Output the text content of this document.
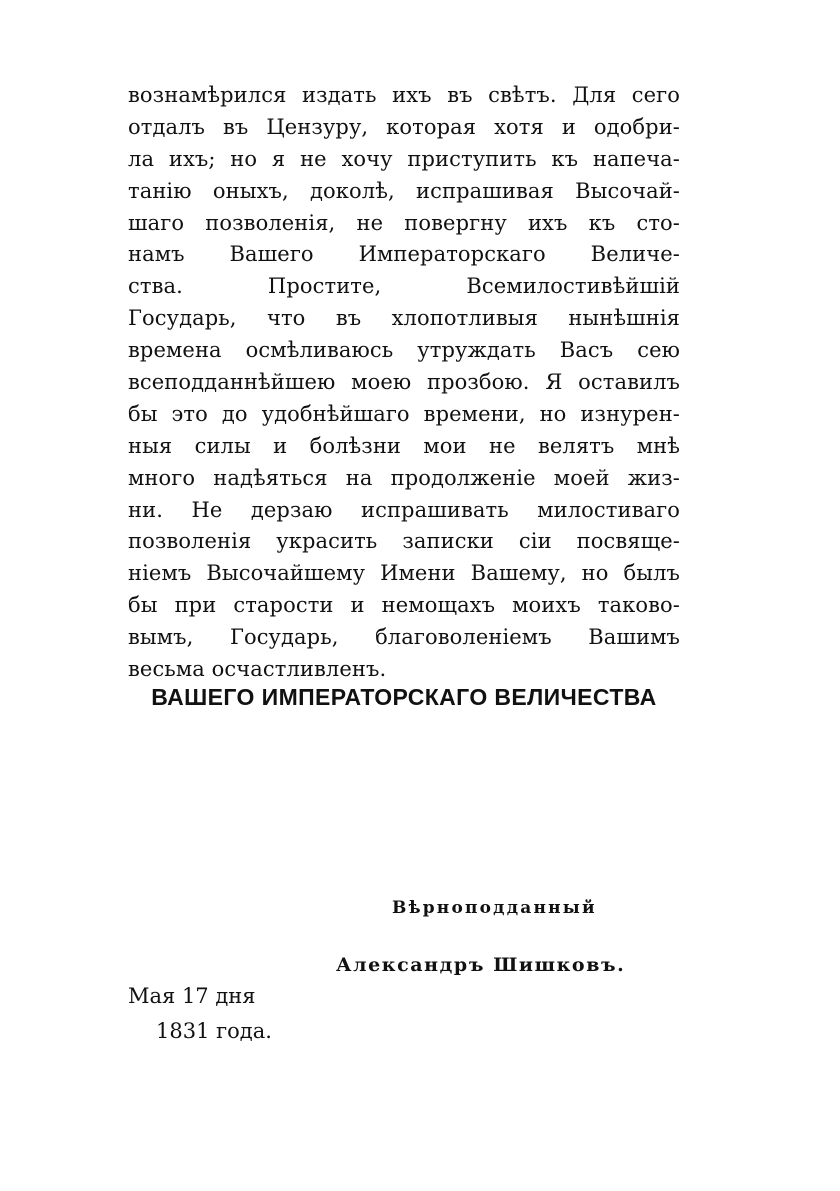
вознамѣрился издать ихъ въ свѣтъ. Для сего
отдалъ въ Цензуру, которая хотя и одобри-
ла ихъ; но я не хочу приступить къ напеча-
танію оныхъ, доколѣ, испрашивая Высочай-
шаго позволенія, не повергну ихъ къ сто-
намъ Вашего Императорскаго Величе-
ства. Простите, Всемилостивѣйшій
Государь, что въ хлопотливыя нынѣшнія
времена осмѣливаюсь утруждать Васъ сею
всеподданнѣйшею моею прозбою. Я оставилъ
бы это до удобнѣйшаго времени, но изнурен-
ныя силы и болѣзни мои не велятъ мнѣ
много надѣяться на продолженіе моей жиз-
ни. Не дерзаю испрашивать милостиваго
позволенія украсить записки сіи посвяще-
ніемъ Высочайшему Имени Вашему, но былъ
бы при старости и немощахъ моихъ таково-
вымъ, Государь, благоволеніемъ Вашимъ
весьма осчастливленъ.
ВАШЕГО ИМПЕРАТОРСКАГО ВЕЛИЧЕСТВА
Вѣрноподданный
Александръ Шишковъ.
Мая 17 дня
1831 года.
